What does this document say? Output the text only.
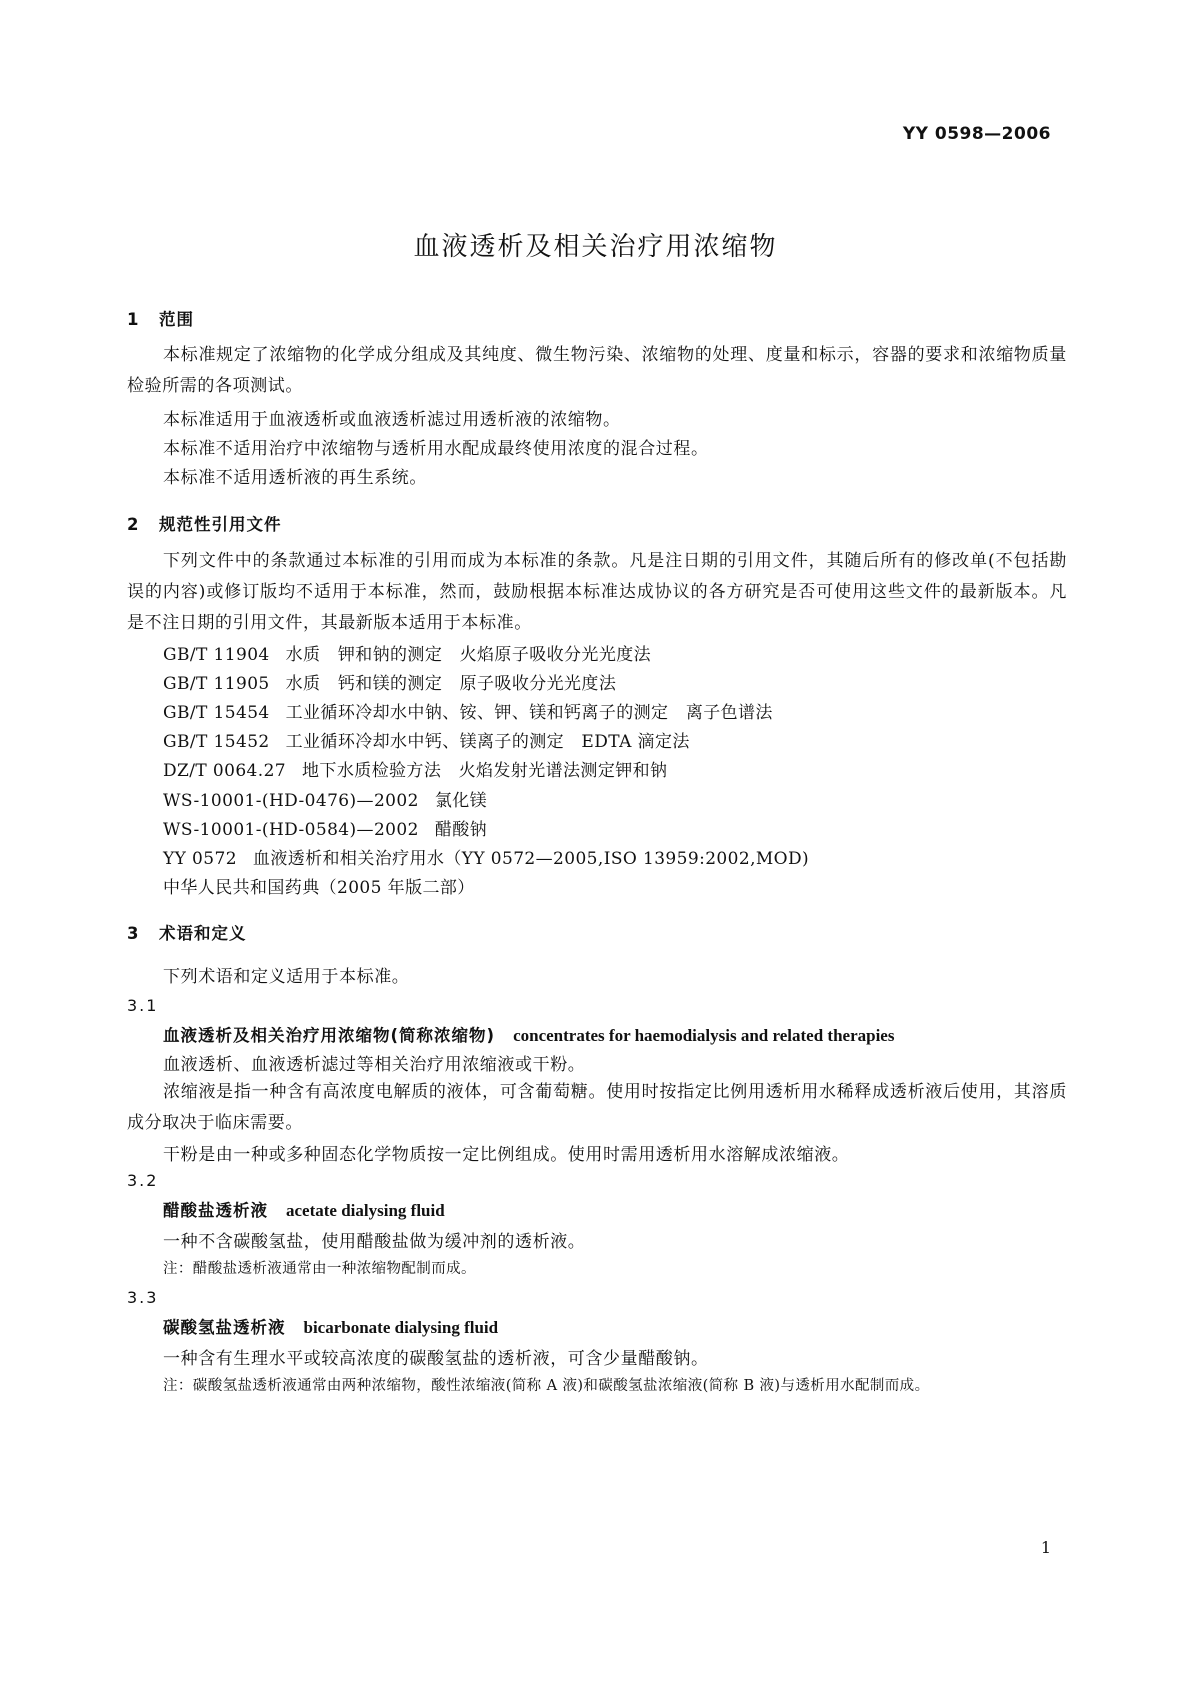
YY 0598—2006
血液透析及相关治疗用浓缩物
1 范围
本标准规定了浓缩物的化学成分组成及其纯度、微生物污染、浓缩物的处理、度量和标示，容器的要求和浓缩物质量检验所需的各项测试。
本标准适用于血液透析或血液透析滤过用透析液的浓缩物。
本标准不适用治疗中浓缩物与透析用水配成最终使用浓度的混合过程。
本标准不适用透析液的再生系统。
2 规范性引用文件
下列文件中的条款通过本标准的引用而成为本标准的条款。凡是注日期的引用文件，其随后所有的修改单(不包括勘误的内容)或修订版均不适用于本标准，然而，鼓励根据本标准达成协议的各方研究是否可使用这些文件的最新版本。凡是不注日期的引用文件，其最新版本适用于本标准。
GB/T 11904 水质　钾和钠的测定　火焰原子吸收分光光度法
GB/T 11905 水质　钙和镁的测定　原子吸收分光光度法
GB/T 15454 工业循环冷却水中钠、铵、钾、镁和钙离子的测定　离子色谱法
GB/T 15452 工业循环冷却水中钙、镁离子的测定　EDTA 滴定法
DZ/T 0064.27 地下水质检验方法　火焰发射光谱法测定钾和钠
WS-10001-(HD-0476)—2002 氯化镁
WS-10001-(HD-0584)—2002 醋酸钠
YY 0572 血液透析和相关治疗用水（YY 0572—2005,ISO 13959:2002,MOD)
中华人民共和国药典（2005 年版二部）
3 术语和定义
下列术语和定义适用于本标准。
3.1
血液透析及相关治疗用浓缩物(简称浓缩物) concentrates for haemodialysis and related therapies
血液透析、血液透析滤过等相关治疗用浓缩液或干粉。
浓缩液是指一种含有高浓度电解质的液体，可含葡萄糖。使用时按指定比例用透析用水稀释成透析液后使用，其溶质成分取决于临床需要。
干粉是由一种或多种固态化学物质按一定比例组成。使用时需用透析用水溶解成浓缩液。
3.2
醋酸盐透析液 acetate dialysing fluid
一种不含碳酸氢盐，使用醋酸盐做为缓冲剂的透析液。
注：醋酸盐透析液通常由一种浓缩物配制而成。
3.3
碳酸氢盐透析液 bicarbonate dialysing fluid
一种含有生理水平或较高浓度的碳酸氢盐的透析液，可含少量醋酸钠。
注：碳酸氢盐透析液通常由两种浓缩物，酸性浓缩液(简称 A 液)和碳酸氢盐浓缩液(简称 B 液)与透析用水配制而成。
1
